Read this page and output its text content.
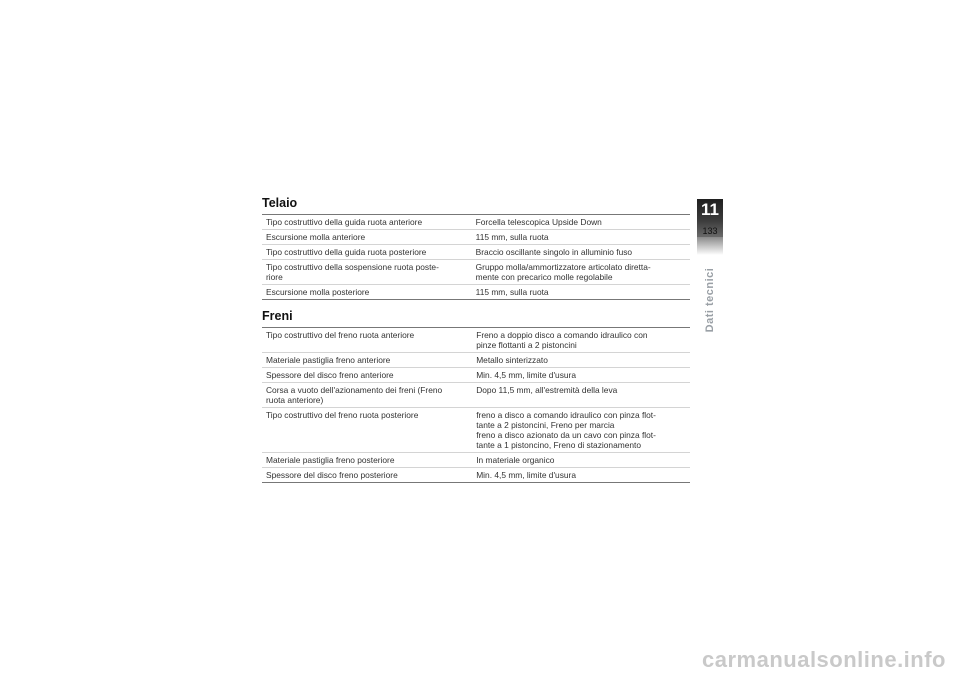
Telaio
Tipo costruttivo della guida ruota anteriore	Forcella telescopica Upside Down

Escursione molla anteriore	115 mm, sulla ruota

Tipo costruttivo della guida ruota posteriore	Braccio oscillante singolo in alluminio fuso

Tipo costruttivo della sospensione ruota poste-
riore	Gruppo molla/ammortizzatore articolato diretta-
mente con precarico molle regolabile

Escursione molla posteriore	115 mm, sulla ruota
Freni
Tipo costruttivo del freno ruota anteriore	Freno a doppio disco a comando idraulico con
pinze flottanti a 2 pistoncini

Materiale pastiglia freno anteriore	Metallo sinterizzato

Spessore del disco freno anteriore	Min. 4,5 mm, limite d'usura

Corsa a vuoto dell'azionamento dei freni (Freno
ruota anteriore)	Dopo 11,5 mm, all'estremità della leva

Tipo costruttivo del freno ruota posteriore	freno a disco a comando idraulico con pinza flot-
tante a 2 pistoncini, Freno per marcia
freno a disco azionato da un cavo con pinza flot-
tante a 1 pistoncino, Freno di stazionamento

Materiale pastiglia freno posteriore	In materiale organico

Spessore del disco freno posteriore	Min. 4,5 mm, limite d'usura
11
133
Dati tecnici
carmanualsonline.info
